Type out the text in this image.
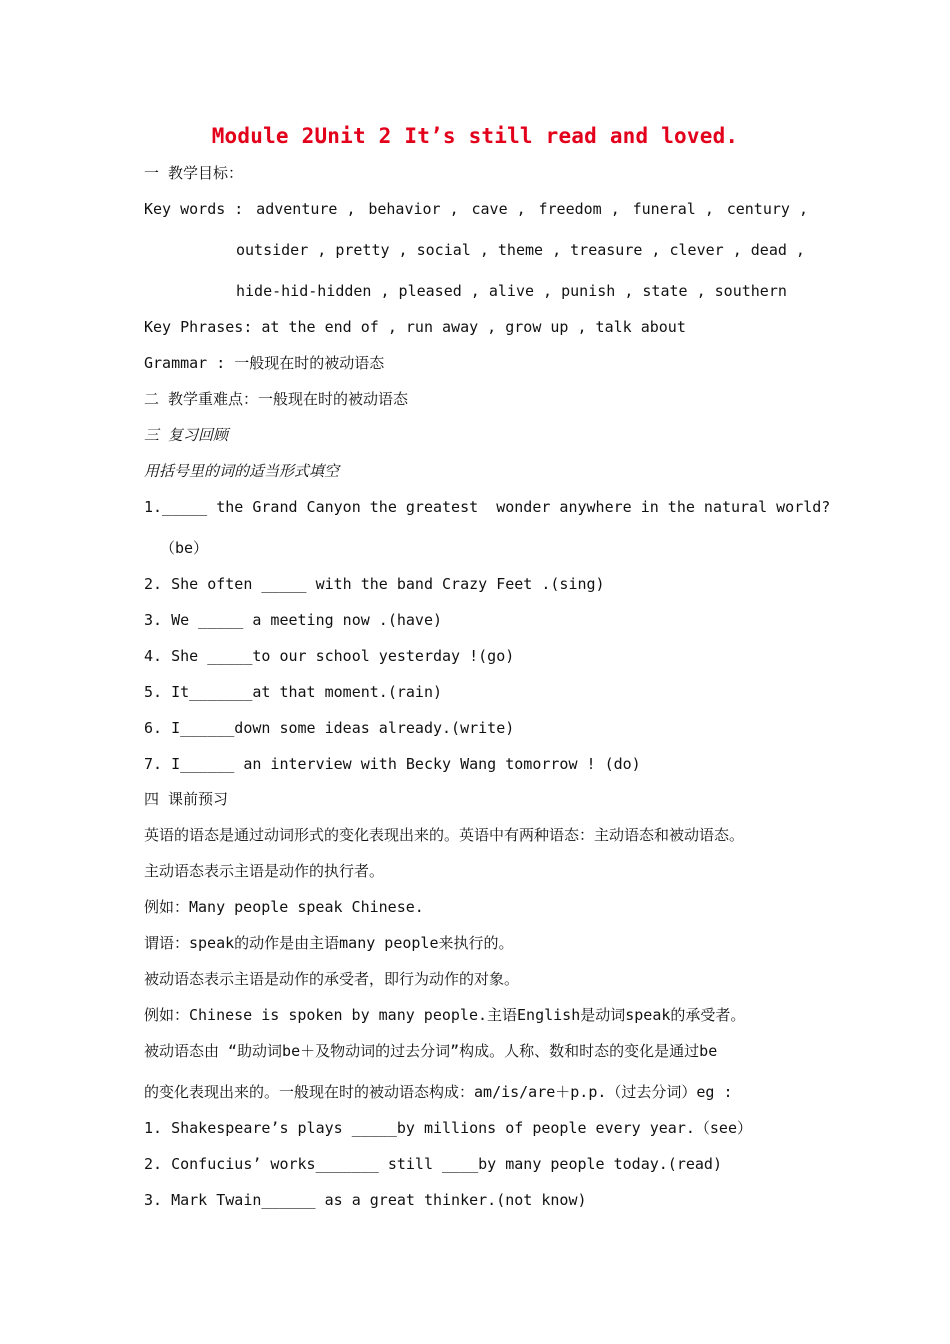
Module 2Unit 2 It’s still read and loved.
一 教学目标：
Key words : adventure , behavior , cave , freedom , funeral , century ,
outsider , pretty , social , theme , treasure , clever , dead ,
hide-hid-hidden , pleased , alive , punish , state , southern
Key Phrases: at the end of , run away , grow up , talk about
Grammar : 一般现在时的被动语态
二 教学重难点：一般现在时的被动语态
三 复习回顾
用括号里的词的适当形式填空
1._____ the Grand Canyon the greatest  wonder anywhere in the natural world?
（be）
2. She often _____ with the band Crazy Feet .(sing)
3. We _____ a meeting now .(have)
4. She _____to our school yesterday !(go)
5. It_______at that moment.(rain)
6. I______down some ideas already.(write)
7. I______ an interview with Becky Wang tomorrow ! (do)
四 课前预习
英语的语态是通过动词形式的变化表现出来的。英语中有两种语态：主动语态和被动语态。
主动语态表示主语是动作的执行者。
例如：Many people speak Chinese.
谓语：speak的动作是由主语many people来执行的。
被动语态表示主语是动作的承受者，即行为动作的对象。
例如：Chinese is spoken by many people.主语English是动词speak的承受者。
被动语态由 “助动词be＋及物动词的过去分词”构成。人称、数和时态的变化是通过be
的变化表现出来的。一般现在时的被动语态构成：am/is/are＋p.p.（过去分词）eg :
1. Shakespeare’s plays _____by millions of people every year.（see）
2. Confucius’ works_______ still ____by many people today.(read)
3. Mark Twain______ as a great thinker.(not know)
